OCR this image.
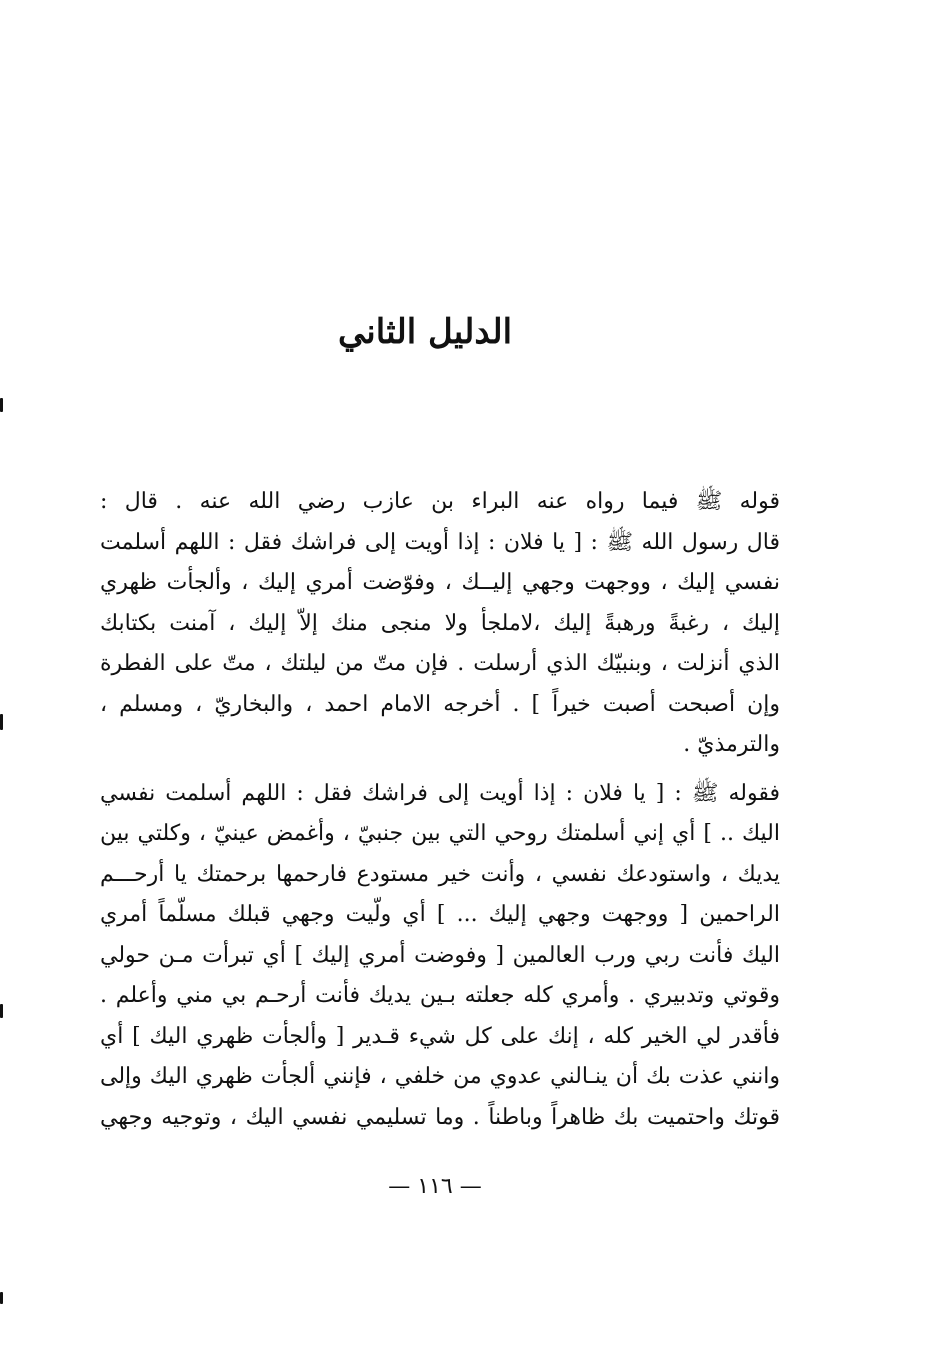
الدليل الثاني
قوله ﷺ فيما رواه عنه البراء بن عازب رضي الله عنه . قال :
قال رسول الله ﷺ : [ يا فلان : إذا أويت إلى فراشك فقل : اللهم أسلمت
نفسي إليك ، ووجهت وجهي إليــك ، وفوّضت أمري إليك ، وألجأت ظهري
إليك ، رغبةً ورهبةً إليك ،لاملجأ ولا منجى منك إلاّ إليك ، آمنت بكتابك
الذي أنزلت ، وبنبيّك الذي أرسلت . فإن متّ من ليلتك ، متّ على الفطرة
وإن أصبحت أصبت خيراً ] . أخرجه الامام احمد ، والبخاريّ ، ومسلم ،
والترمذيّ .
فقوله ﷺ : [ يا فلان : إذا أويت إلى فراشك فقل : اللهم أسلمت نفسي
اليك .. ] أي إني أسلمتك روحي التي بين جنبيّ ، وأغمض عينيّ ، وكلتي بين
يديك ، واستودعك نفسي ، وأنت خير مستودع فارحمها برحمتك يا أرحـــم
الراحمين [ ووجهت وجهي إليك ... ] أي ولّيت وجهي قبلك مسلّماً أمري
اليك فأنت ربي ورب العالمين [ وفوضت أمري إليك ] أي تبرأت مـن حولي
وقوتي وتدبيري . وأمري كله جعلته بـين يديك فأنت أرحـم بي مني وأعلم .
فأقدر لي الخير كله ، إنك على كل شيء قـدير [ وألجأت ظهري اليك ] أي
وانني عذت بك أن ينـالني عدوي من خلفي ، فإنني ألجأت ظهري اليك وإلى
قوتك واحتميت بك ظاهراً وباطناً . وما تسليمي نفسي اليك ، وتوجيه وجهي
— ١١٦ —
